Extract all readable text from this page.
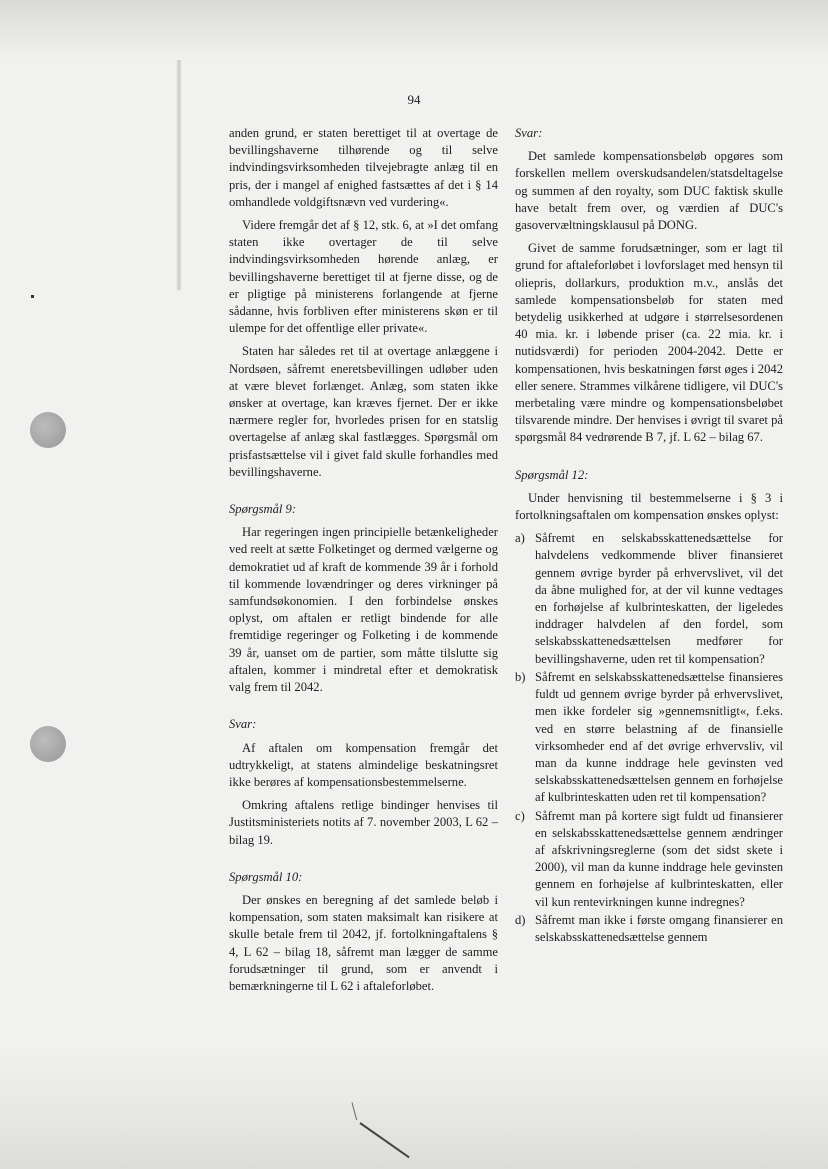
94

anden grund, er staten berettiget til at overtage de bevillingshaverne tilhørende og til selve indvindingsvirksomheden tilvejebragte anlæg til en pris, der i mangel af enighed fastsættes af det i § 14 omhandlede voldgiftsnævn ved vurdering«.

Videre fremgår det af § 12, stk. 6, at »I det omfang staten ikke overtager de til selve indvindingsvirksomheden hørende anlæg, er bevillingshaverne berettiget til at fjerne disse, og de er pligtige på ministerens forlangende at fjerne sådanne, hvis forbliven efter ministerens skøn er til ulempe for det offentlige eller private«.

Staten har således ret til at overtage anlæggene i Nordsøen, såfremt eneretsbevillingen udløber uden at være blevet forlænget. Anlæg, som staten ikke ønsker at overtage, kan kræves fjernet. Der er ikke nærmere regler for, hvorledes prisen for en statslig overtagelse af anlæg skal fastlægges. Spørgsmål om prisfastsættelse vil i givet fald skulle forhandles med bevillingshaverne.

Spørgsmål 9:

Har regeringen ingen principielle betænkeligheder ved reelt at sætte Folketinget og dermed vælgerne og demokratiet ud af kraft de kommende 39 år i forhold til kommende lovændringer og deres virkninger på samfundsøkonomien. I den forbindelse ønskes oplyst, om aftalen er retligt bindende for alle fremtidige regeringer og Folketing i de kommende 39 år, uanset om de partier, som måtte tilslutte sig aftalen, kommer i mindretal efter et demokratisk valg frem til 2042.

Svar:

Af aftalen om kompensation fremgår det udtrykkeligt, at statens almindelige beskatningsret ikke berøres af kompensationsbestemmelserne.

Omkring aftalens retlige bindinger henvises til Justitsministeriets notits af 7. november 2003, L 62 – bilag 19.

Spørgsmål 10:

Der ønskes en beregning af det samlede beløb i kompensation, som staten maksimalt kan risikere at skulle betale frem til 2042, jf. fortolkningaftalens § 4, L 62 – bilag 18, såfremt man lægger de samme forudsætninger til grund, som er anvendt i bemærkningerne til L 62 i aftaleforløbet.

Svar:

Det samlede kompensationsbeløb opgøres som forskellen mellem overskudsandelen/statsdeltagelse og summen af den royalty, som DUC faktisk skulle have betalt frem over, og værdien af DUC's gasovervæltningsklausul på DONG.

Givet de samme forudsætninger, som er lagt til grund for aftaleforløbet i lovforslaget med hensyn til oliepris, dollarkurs, produktion m.v., anslås det samlede kompensationsbeløb for staten med betydelig usikkerhed at udgøre i størrelsesordenen 40 mia. kr. i løbende priser (ca. 22 mia. kr. i nutidsværdi) for perioden 2004-2042. Dette er kompensationen, hvis beskatningen først øges i 2042 eller senere. Strammes vilkårene tidligere, vil DUC's merbetaling være mindre og kompensationsbeløbet tilsvarende mindre. Der henvises i øvrigt til svaret på spørgsmål 84 vedrørende B 7, jf. L 62 – bilag 67.

Spørgsmål 12:

Under henvisning til bestemmelserne i § 3 i fortolkningsaftalen om kompensation ønskes oplyst:

a) Såfremt en selskabsskattenedsættelse for halvdelens vedkommende bliver finansieret gennem øvrige byrder på erhvervslivet, vil det da åbne mulighed for, at der vil kunne vedtages en forhøjelse af kulbrinteskatten, der ligeledes inddrager halvdelen af den fordel, som selskabsskattenedsættelsen medfører for bevillingshaverne, uden ret til kompensation?
b) Såfremt en selskabsskattenedsættelse finansieres fuldt ud gennem øvrige byrder på erhvervslivet, men ikke fordeler sig »gennemsnitligt«, f.eks. ved en større belastning af de finansielle virksomheder end af det øvrige erhvervsliv, vil man da kunne inddrage hele gevinsten ved selskabsskattenedsættelsen gennem en forhøjelse af kulbrinteskatten uden ret til kompensation?
c) Såfremt man på kortere sigt fuldt ud finansierer en selskabsskattenedsættelse gennem ændringer af afskrivningsreglerne (som det sidst skete i 2000), vil man da kunne inddrage hele gevinsten gennem en forhøjelse af kulbrinteskatten, eller vil kun rentevirkningen kunne indregnes?
d) Såfremt man ikke i første omgang finansierer en selskabsskattenedsættelse gennem
